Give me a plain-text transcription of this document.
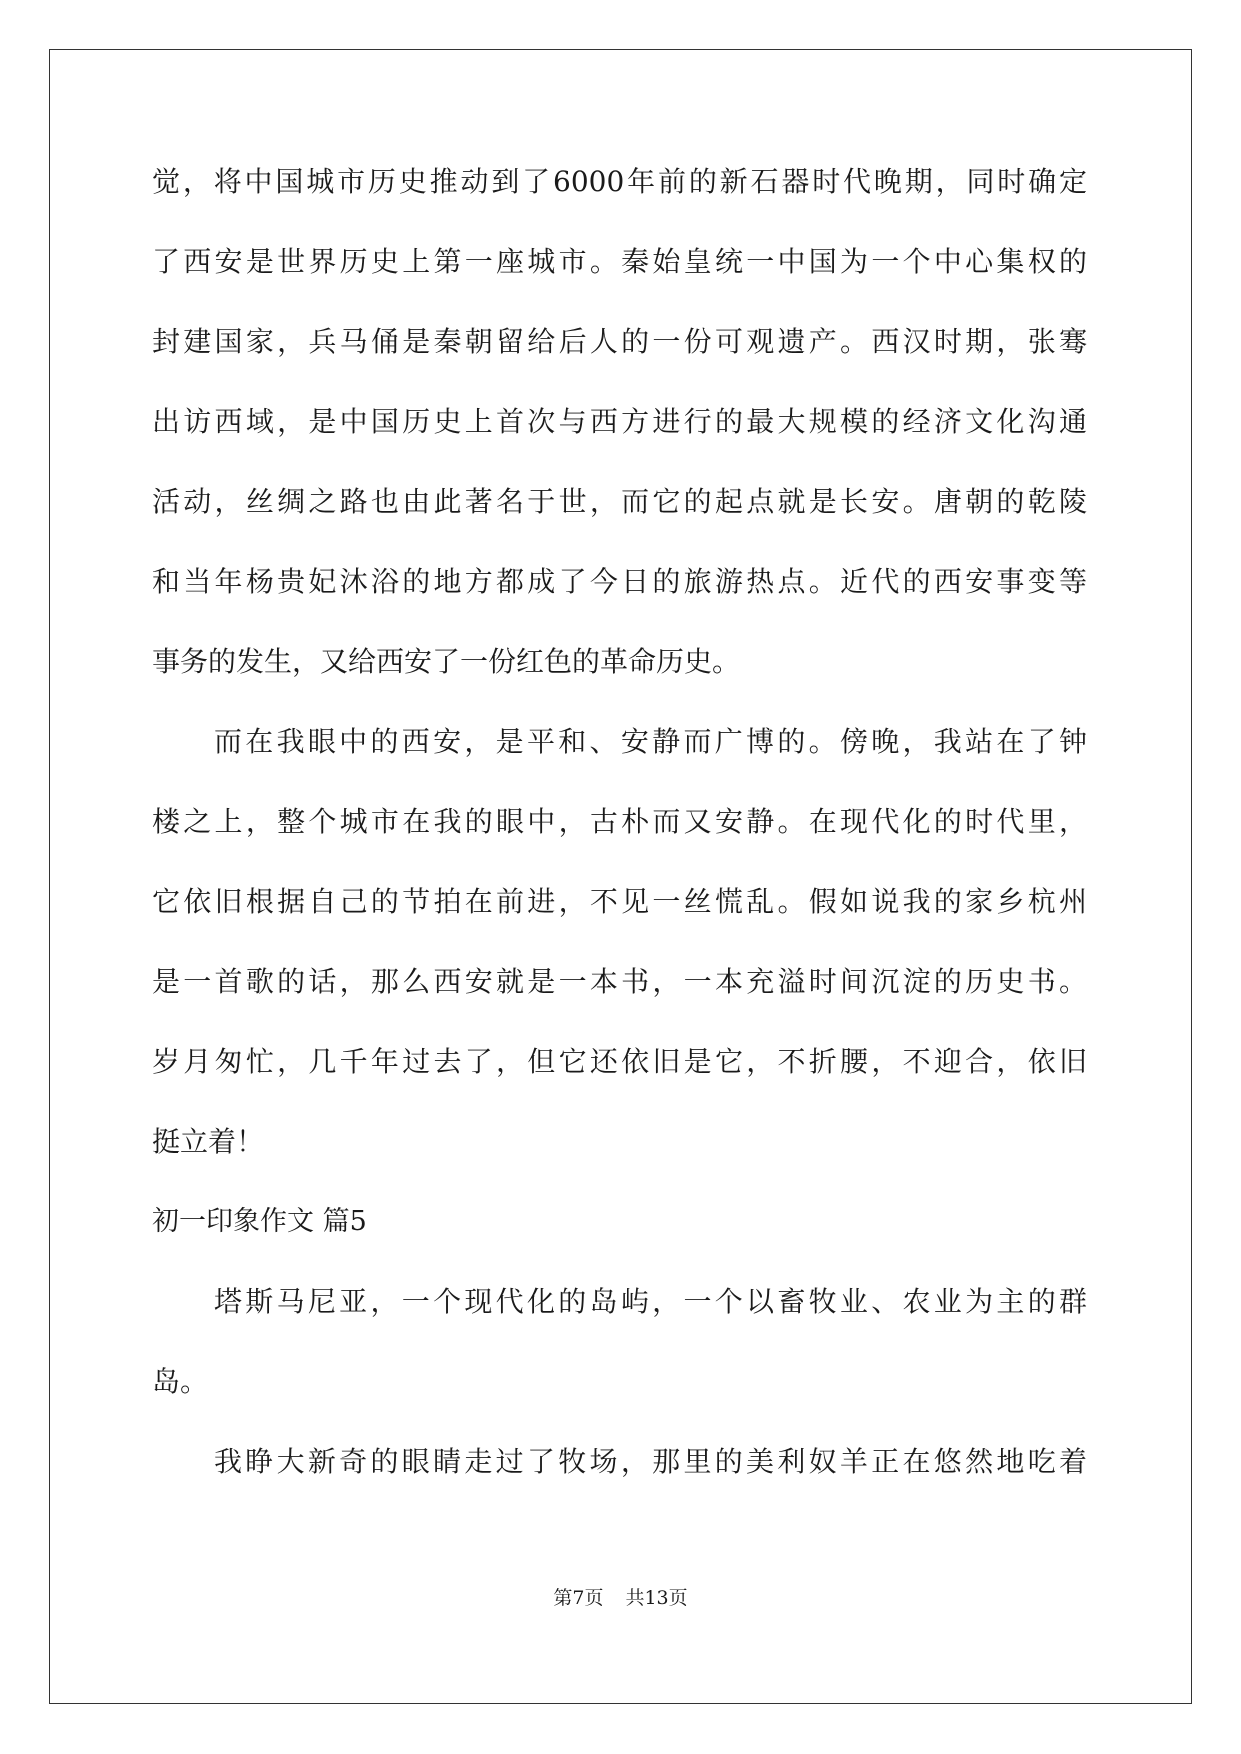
觉，将中国城市历史推动到了6000年前的新石器时代晚期，同时确定
了西安是世界历史上第一座城市。秦始皇统一中国为一个中心集权的
封建国家，兵马俑是秦朝留给后人的一份可观遗产。西汉时期，张骞
出访西域，是中国历史上首次与西方进行的最大规模的经济文化沟通
活动，丝绸之路也由此著名于世，而它的起点就是长安。唐朝的乾陵
和当年杨贵妃沐浴的地方都成了今日的旅游热点。近代的西安事变等
事务的发生，又给西安了一份红色的革命历史。
而在我眼中的西安，是平和、安静而广博的。傍晚，我站在了钟
楼之上，整个城市在我的眼中，古朴而又安静。在现代化的时代里，
它依旧根据自己的节拍在前进，不见一丝慌乱。假如说我的家乡杭州
是一首歌的话，那么西安就是一本书，一本充溢时间沉淀的历史书。
岁月匆忙，几千年过去了，但它还依旧是它，不折腰，不迎合，依旧
挺立着！
初一印象作文 篇5
塔斯马尼亚，一个现代化的岛屿，一个以畜牧业、农业为主的群
岛。
我睁大新奇的眼睛走过了牧场，那里的美利奴羊正在悠然地吃着
第7页 共13页
